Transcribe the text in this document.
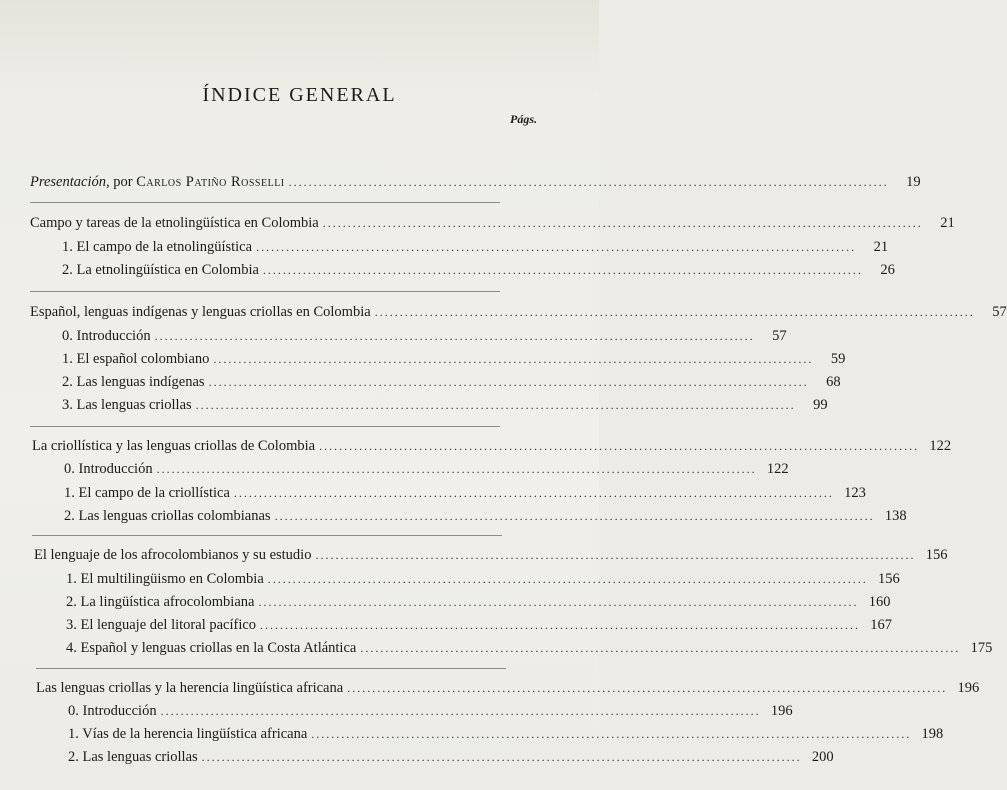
ÍNDICE GENERAL
Págs.
Presentación, por Carlos Patiño Rosselli ........................................................................................................................	19
Campo y tareas de la etnolingüística en Colombia ........................................................................................................................	21
1. El campo de la etnolingüística ........................................................................................................................	21
2. La etnolingüística en Colombia ........................................................................................................................	26
Español, lenguas indígenas y lenguas criollas en Colombia ........................................................................................................................	57
0. Introducción ........................................................................................................................	57
1. El español colombiano ........................................................................................................................	59
2. Las lenguas indígenas ........................................................................................................................	68
3. Las lenguas criollas ........................................................................................................................	99
La criollística y las lenguas criollas de Colombia ........................................................................................................................ 122
0. Introducción ........................................................................................................................ 122
1. El campo de la criollística ........................................................................................................................ 123
2. Las lenguas criollas colombianas ........................................................................................................................ 138
El lenguaje de los afrocolombianos y su estudio ........................................................................................................................ 156
1. El multilingüismo en Colombia ........................................................................................................................ 156
2. La lingüística afrocolombiana ........................................................................................................................ 160
3. El lenguaje del litoral pacífico ........................................................................................................................ 167
4. Español y lenguas criollas en la Costa Atlántica ........................................................................................................................ 175
Las lenguas criollas y la herencia lingüística africana ........................................................................................................................ 196
0. Introducción ........................................................................................................................ 196
1. Vías de la herencia lingüística africana ........................................................................................................................ 198
2. Las lenguas criollas ........................................................................................................................ 200
